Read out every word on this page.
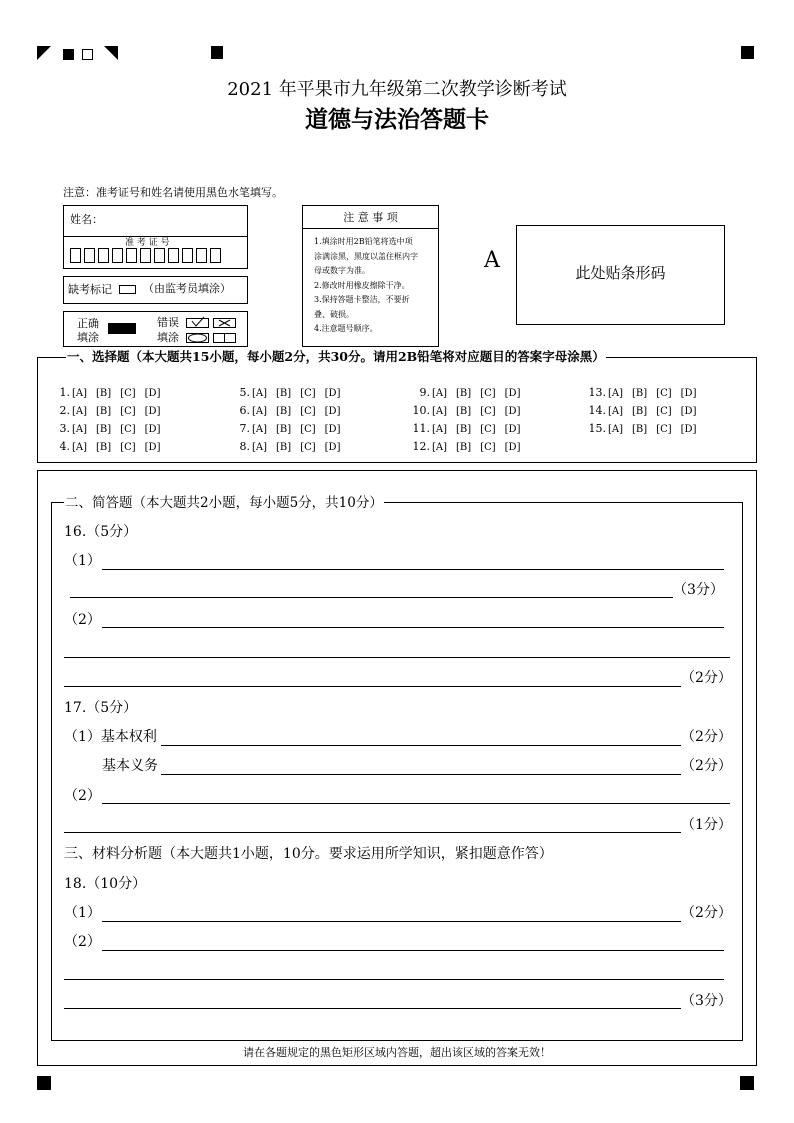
2021 年平果市九年级第二次教学诊断考试
道德与法治答题卡
注意：准考证号和姓名请使用黑色水笔填写。
姓名：
准 考 证 号
缺考标记	（由监考员填涂）
正确
填涂
错误
填涂
注 意 事 项
1.填涂时用2B铅笔将选中项
涂满涂黑，黑度以盖住框内字
母或数字为准。
2.修改时用橡皮擦除干净。
3.保持答题卡整洁，不要折
叠、破损。
4.注意题号顺序。
A	此处贴条形码
一、选择题（本大题共15小题，每小题2分，共30分。请用2B铅笔将对应题目的答案字母涂黑）
1. [A] [B] [C] [D]
2. [A] [B] [C] [D]
3. [A] [B] [C] [D]
4. [A] [B] [C] [D]
5. [A] [B] [C] [D]
6. [A] [B] [C] [D]
7. [A] [B] [C] [D]
8. [A] [B] [C] [D]
9. [A] [B] [C] [D]
10. [A] [B] [C] [D]
11. [A] [B] [C] [D]
12. [A] [B] [C] [D]
13. [A] [B] [C] [D]
14. [A] [B] [C] [D]
15. [A] [B] [C] [D]
二、简答题（本大题共2小题，每小题5分，共10分）
16.（5分）
（1）
（3分）
（2）
（2分）
17.（5分）
（1）基本权利	（2分）
基本义务	（2分）
（2）
（1分）
三、材料分析题（本大题共1小题，10分。要求运用所学知识，紧扣题意作答）
18.（10分）
（1）	（2分）
（2）
（3分）
请在各题规定的黑色矩形区域内答题，超出该区域的答案无效！
